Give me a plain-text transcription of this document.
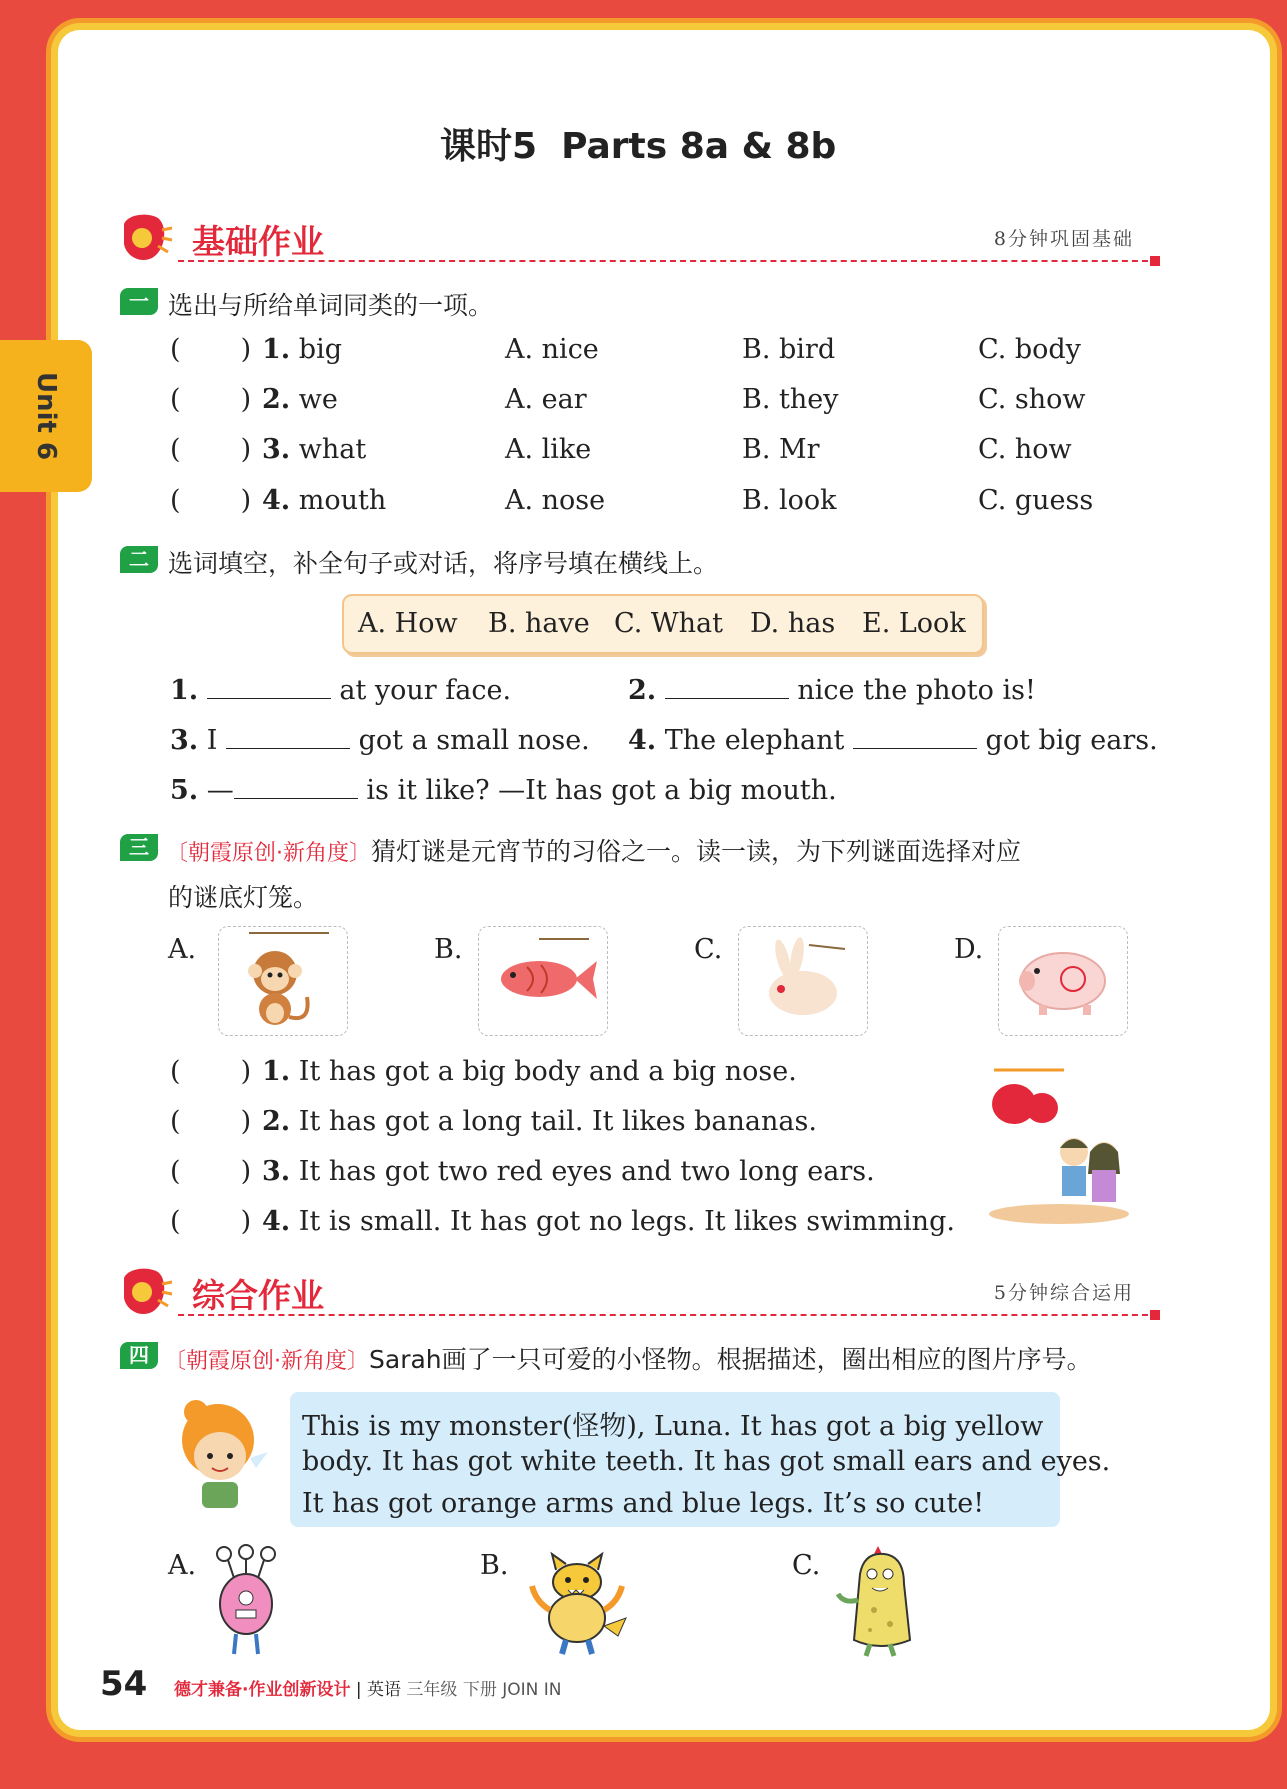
Unit 6
课时5 Parts 8a & 8b
基础作业	8分钟巩固基础
一 选出与所给单词同类的一项。
(       ) 1. big	A. nice	B. bird	C. body
(       ) 2. we	A. ear	B. they	C. show
(       ) 3. what	A. like	B. Mr	C. how
(       ) 4. mouth	A. nose	B. look	C. guess
二 选词填空，补全句子或对话，将序号填在横线上。
A. How B. have C. What D. has E. Look
1.	at your face.	2.	nice the photo is!
3. I	got a small nose. 4. The elephant	got big ears.
5. —	is it like? —It has got a big mouth.
三 〔朝霞原创·新角度〕猜灯谜是元宵节的习俗之一。读一读，为下列谜面选择对应
的谜底灯笼。
A.	B.	C.	D.
(       ) 1. It has got a big body and a big nose.
(       ) 2. It has got a long tail. It likes bananas.
(       ) 3. It has got two red eyes and two long ears.
(       ) 4. It is small. It has got no legs. It likes swimming.
综合作业	5分钟综合运用
四 〔朝霞原创·新角度〕Sarah画了一只可爱的小怪物。根据描述，圈出相应的图片序号。

This is my monster(怪物), Luna. It has got a big yellow

body. It has got white teeth. It has got small ears and eyes.

It has got orange arms and blue legs. It’s so cute!

A.	B.	C.
54 德才兼备·作业创新设计 | 英语 三年级 下册 JOIN IN
